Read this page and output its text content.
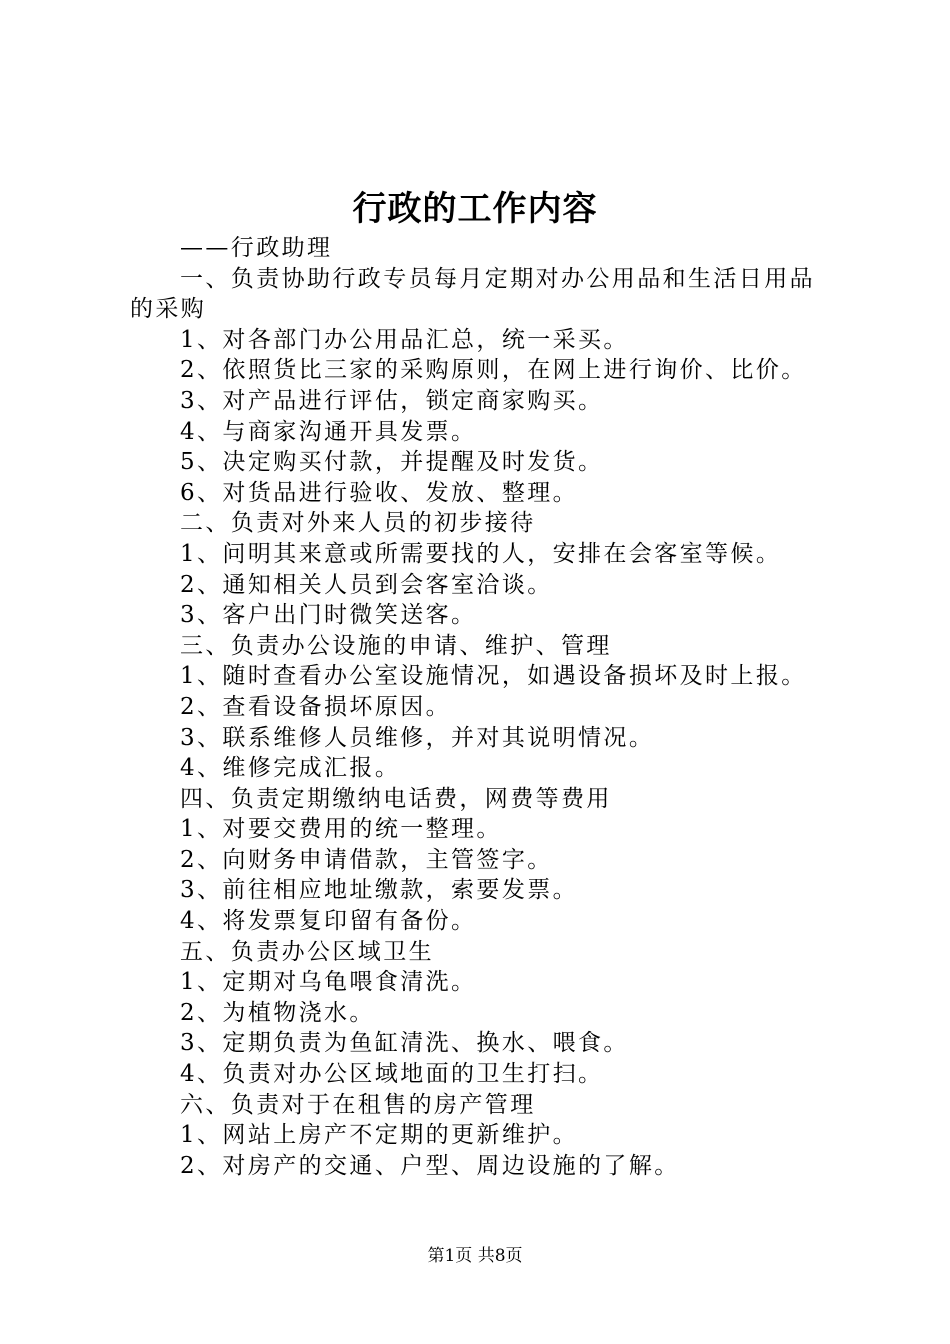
行政的工作内容
——行政助理
一、负责协助行政专员每月定期对办公用品和生活日用品的采购
1、对各部门办公用品汇总，统一采买。
2、依照货比三家的采购原则，在网上进行询价、比价。
3、对产品进行评估，锁定商家购买。
4、与商家沟通开具发票。
5、决定购买付款，并提醒及时发货。
6、对货品进行验收、发放、整理。
二、负责对外来人员的初步接待
1、问明其来意或所需要找的人，安排在会客室等候。
2、通知相关人员到会客室洽谈。
3、客户出门时微笑送客。
三、负责办公设施的申请、维护、管理
1、随时查看办公室设施情况，如遇设备损坏及时上报。
2、查看设备损坏原因。
3、联系维修人员维修，并对其说明情况。
4、维修完成汇报。
四、负责定期缴纳电话费，网费等费用
1、对要交费用的统一整理。
2、向财务申请借款，主管签字。
3、前往相应地址缴款，索要发票。
4、将发票复印留有备份。
五、负责办公区域卫生
1、定期对乌龟喂食清洗。
2、为植物浇水。
3、定期负责为鱼缸清洗、换水、喂食。
4、负责对办公区域地面的卫生打扫。
六、负责对于在租售的房产管理
1、网站上房产不定期的更新维护。
2、对房产的交通、户型、周边设施的了解。
第1页 共8页
